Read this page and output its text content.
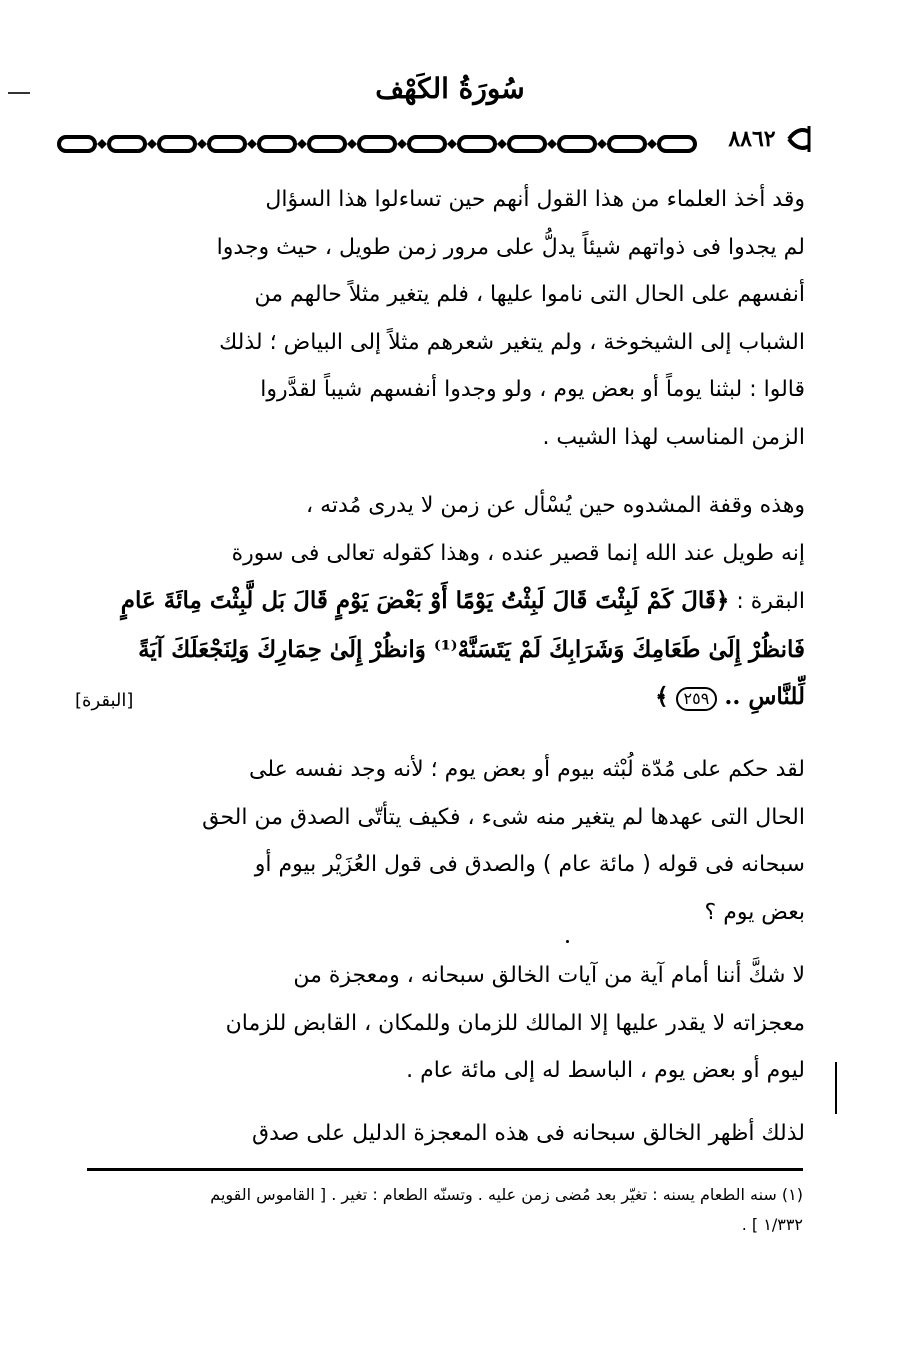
سُورَةُ الكَهْف
٨٨٦٢

وقد أخذ العلماء من هذا القول أنهم حين تساءلوا هذا السؤال

لم يجدوا فى ذواتهم شيئاً يدلُّ على مرور زمن طويل ، حيث وجدوا

أنفسهم على الحال التى ناموا عليها ، فلم يتغير مثلاً حالهم من

الشباب إلى الشيخوخة ، ولم يتغير شعرهم مثلاً إلى البياض ؛ لذلك

قالوا : لبثنا يوماً أو بعض يوم ، ولو وجدوا أنفسهم شيباً لقدَّروا

الزمن المناسب لهذا الشيب .

وهذه وقفة المشدوه حين يُسْأل عن زمن لا يدرى مُدته ،

إنه طويل عند الله إنما قصير عنده ، وهذا كقوله تعالى فى سورة

البقرة : ﴿قَالَ كَمْ لَبِثْتَ قَالَ لَبِثْتُ يَوْمًا أَوْ بَعْضَ يَوْمٍ قَالَ بَل لَّبِثْتَ مِائَةَ عَامٍ

فَانظُرْ إِلَىٰ طَعَامِكَ وَشَرَابِكَ لَمْ يَتَسَنَّهْ⁽¹⁾ وَانظُرْ إِلَىٰ حِمَارِكَ وَلِنَجْعَلَكَ آيَةً

لِّلنَّاسِ .. ٢٥٩ ﴾
[البقرة]

لقد حكم على مُدّة لُبْثه بيوم أو بعض يوم ؛ لأنه وجد نفسه على

الحال التى عهدها لم يتغير منه شىء ، فكيف يتأتّى الصدق من الحق

سبحانه فى قوله ( مائة عام ) والصدق فى قول العُزَيْر بيوم أو

بعض يوم ؟

لا شكَّ أننا أمام آية من آيات الخالق سبحانه ، ومعجزة من

معجزاته لا يقدر عليها إلا المالك للزمان وللمكان ، القابض للزمان

ليوم أو بعض يوم ، الباسط له إلى مائة عام .

لذلك أظهر الخالق سبحانه فى هذه المعجزة الدليل على صدق

(١) سنه الطعام يسنه : تغيّر بعد مُضى زمن عليه . وتسنّه الطعام : تغير . [ القاموس القويم
١/٣٣٢ ] .
